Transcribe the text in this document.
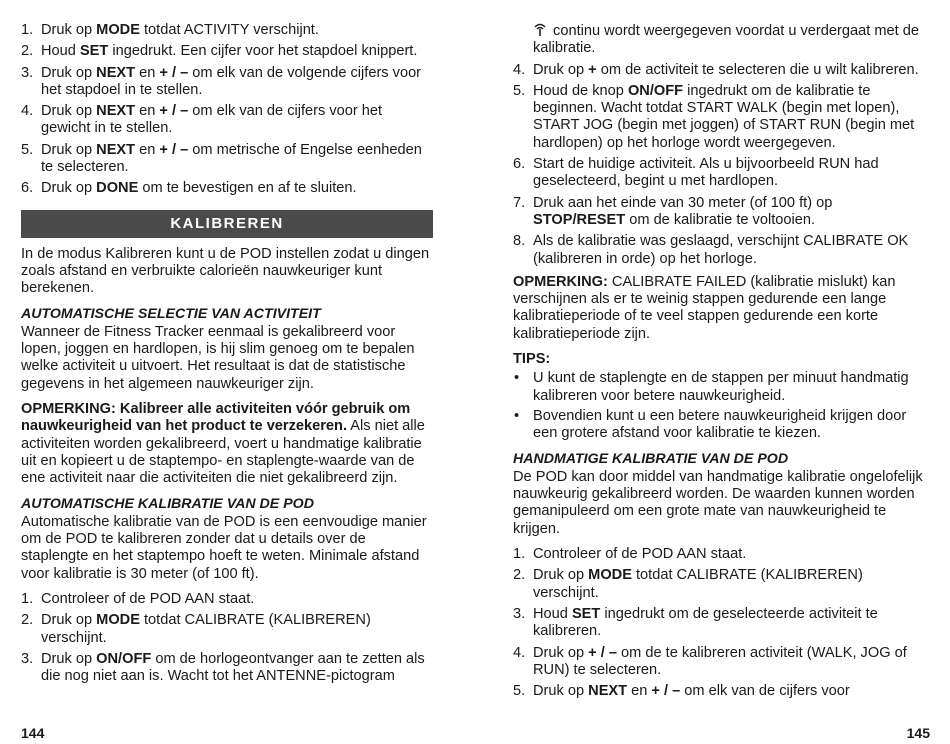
1. Druk op MODE totdat ACTIVITY verschijnt.
2. Houd SET ingedrukt. Een cijfer voor het stapdoel knippert.
3. Druk op NEXT en + / – om elk van de volgende cijfers voor het stapdoel in te stellen.
4. Druk op NEXT en + / – om elk van de cijfers voor het gewicht in te stellen.
5. Druk op NEXT en + / – om metrische of Engelse eenheden te selecteren.
6. Druk op DONE om te bevestigen en af te sluiten.
KALIBREREN

In de modus Kalibreren kunt u de POD instellen zodat u dingen zoals afstand en verbruikte calorieën nauwkeuriger kunt berekenen.

AUTOMATISCHE SELECTIE VAN ACTIVITEIT

Wanneer de Fitness Tracker eenmaal is gekalibreerd voor lopen, joggen en hardlopen, is hij slim genoeg om te bepalen welke activiteit u uitvoert. Het resultaat is dat de statistische gegevens in het algemeen nauwkeuriger zijn.

OPMERKING: Kalibreer alle activiteiten vóór gebruik om nauwkeurigheid van het product te verzekeren. Als niet alle activiteiten worden gekalibreerd, voert u handmatige kalibratie uit en kopieert u de staptempo- en staplengte-waarde van de ene activiteit naar die activiteiten die niet gekalibreerd zijn.

AUTOMATISCHE KALIBRATIE VAN DE POD

Automatische kalibratie van de POD is een eenvoudige manier om de POD te kalibreren zonder dat u details over de staplengte en het staptempo hoeft te weten. Minimale afstand voor kalibratie is 30 meter (of 100 ft).

1. Controleer of de POD AAN staat.
2. Druk op MODE totdat CALIBRATE (KALIBREREN) verschijnt.
3. Druk op ON/OFF om de horlogeontvanger aan te zetten als die nog niet aan is. Wacht tot het ANTENNE-pictogram
144
continu wordt weergegeven voordat u verdergaat met de kalibratie.
4. Druk op + om de activiteit te selecteren die u wilt kalibreren.
5. Houd de knop ON/OFF ingedrukt om de kalibratie te beginnen. Wacht totdat START WALK (begin met lopen), START JOG (begin met joggen) of START RUN (begin met hardlopen) op het horloge wordt weergegeven.
6. Start de huidige activiteit. Als u bijvoorbeeld RUN had geselecteerd, begint u met hardlopen.
7. Druk aan het einde van 30 meter (of 100 ft) op STOP/RESET om de kalibratie te voltooien.
8. Als de kalibratie was geslaagd, verschijnt CALIBRATE OK (kalibreren in orde) op het horloge.

OPMERKING: CALIBRATE FAILED (kalibratie mislukt) kan verschijnen als er te weinig stappen gedurende een lange kalibratieperiode of te veel stappen gedurende een korte kalibratieperiode zijn.

TIPS:
• U kunt de staplengte en de stappen per minuut handmatig kalibreren voor betere nauwkeurigheid.
• Bovendien kunt u een betere nauwkeurigheid krijgen door een grotere afstand voor kalibratie te kiezen.
HANDMATIGE KALIBRATIE VAN DE POD

De POD kan door middel van handmatige kalibratie ongelofelijk nauwkeurig gekalibreerd worden. De waarden kunnen worden gemanipuleerd om een grote mate van nauwkeurigheid te krijgen.

1. Controleer of de POD AAN staat.
2. Druk op MODE totdat CALIBRATE (KALIBREREN) verschijnt.
3. Houd SET ingedrukt om de geselecteerde activiteit te kalibreren.
4. Druk op + / – om de te kalibreren activiteit (WALK, JOG of RUN) te selecteren.
5. Druk op NEXT en + / – om elk van de cijfers voor
145
